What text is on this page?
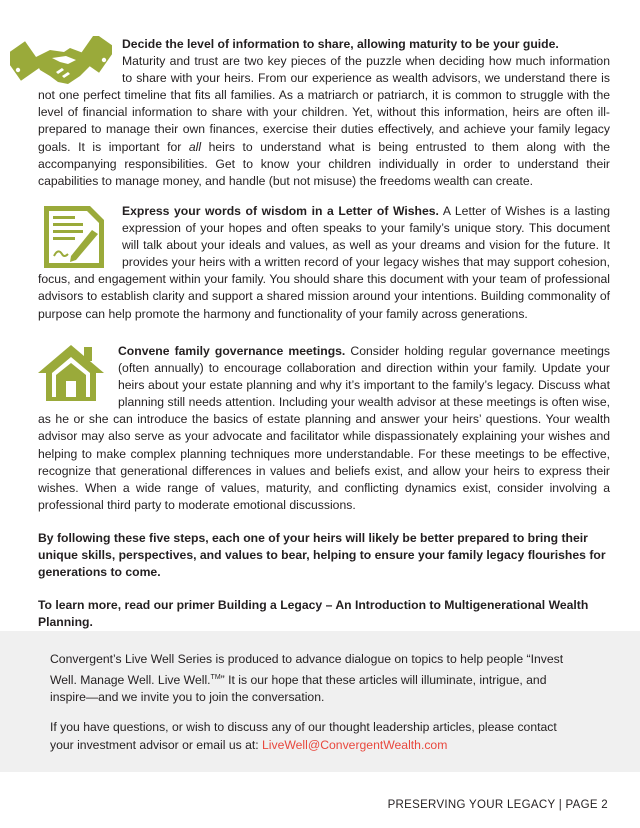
Decide the level of information to share, allowing maturity to be your guide.
Maturity and trust are two key pieces of the puzzle when deciding how much information to share with your heirs. From our experience as wealth advisors, we understand there is not one perfect timeline that fits all families. As a matriarch or patriarch, it is common to struggle with the level of financial information to share with your children. Yet, without this information, heirs are often ill-prepared to manage their own finances, exercise their duties effectively, and achieve your family legacy goals. It is important for all heirs to understand what is being entrusted to them along with the accompanying responsibilities. Get to know your children individually in order to understand their capabilities to manage money, and handle (but not misuse) the freedoms wealth can create.

Express your words of wisdom in a Letter of Wishes. A Letter of Wishes is a lasting expression of your hopes and often speaks to your family’s unique story. This document will talk about your ideals and values, as well as your dreams and vision for the future. It provides your heirs with a written record of your legacy wishes that may support cohesion, focus, and engagement within your family. You should share this document with your team of professional advisors to establish clarity and support a shared mission around your intentions. Building commonality of purpose can help promote the harmony and functionality of your family across generations.

Convene family governance meetings. Consider holding regular governance meetings (often annually) to encourage collaboration and direction within your family. Update your heirs about your estate planning and why it’s important to the family’s legacy. Discuss what planning still needs attention. Including your wealth advisor at these meetings is often wise, as he or she can introduce the basics of estate planning and answer your heirs’ questions. Your wealth advisor may also serve as your advocate and facilitator while dispassionately explaining your wishes and helping to make complex planning techniques more understandable. For these meetings to be effective, recognize that generational differences in values and beliefs exist, and allow your heirs to express their wishes. When a wide range of values, maturity, and conflicting dynamics exist, consider involving a professional third party to moderate emotional discussions.

By following these five steps, each one of your heirs will likely be better prepared to bring their unique skills, perspectives, and values to bear, helping to ensure your family legacy flourishes for generations to come.

To learn more, read our primer Building a Legacy – An Introduction to Multigenerational Wealth Planning.

Convergent’s Live Well Series is produced to advance dialogue on topics to help people “Invest Well. Manage Well. Live Well.™” It is our hope that these articles will illuminate, intrigue, and inspire—and we invite you to join the conversation.

If you have questions, or wish to discuss any of our thought leadership articles, please contact your investment advisor or email us at: LiveWell@ConvergentWealth.com

PRESERVING YOUR LEGACY | PAGE 2
